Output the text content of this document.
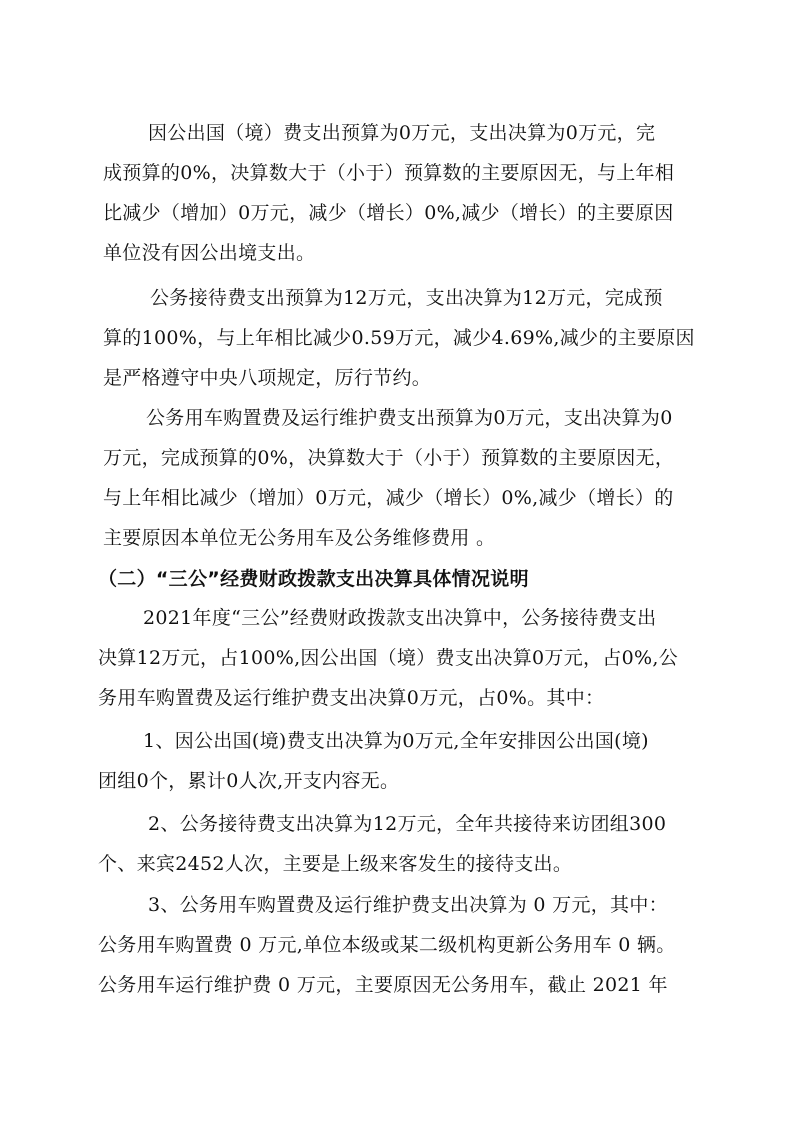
因公出国（境）费支出预算为0万元，支出决算为0万元，完
成预算的0%，决算数大于（小于）预算数的主要原因无，与上年相
比减少（增加）0万元，减少（增长）0%,减少（增长）的主要原因
单位没有因公出境支出。
公务接待费支出预算为12万元，支出决算为12万元，完成预
算的100%，与上年相比减少0.59万元，减少4.69%,减少的主要原因
是严格遵守中央八项规定，厉行节约。
公务用车购置费及运行维护费支出预算为0万元，支出决算为0
万元，完成预算的0%，决算数大于（小于）预算数的主要原因无，
与上年相比减少（增加）0万元，减少（增长）0%,减少（增长）的
主要原因本单位无公务用车及公务维修费用 。
（二）“三公”经费财政拨款支出决算具体情况说明
2021年度“三公”经费财政拨款支出决算中，公务接待费支出
决算12万元，占100%,因公出国（境）费支出决算0万元，占0%,公
务用车购置费及运行维护费支出决算0万元，占0%。其中：
1、因公出国(境)费支出决算为0万元,全年安排因公出国(境)
团组0个，累计0人次,开支内容无。
2、公务接待费支出决算为12万元，全年共接待来访团组300
个、来宾2452人次，主要是上级来客发生的接待支出。
3、公务用车购置费及运行维护费支出决算为 0 万元，其中：
公务用车购置费 0 万元,单位本级或某二级机构更新公务用车 0 辆。
公务用车运行维护费 0 万元，主要原因无公务用车，截止 2021 年
